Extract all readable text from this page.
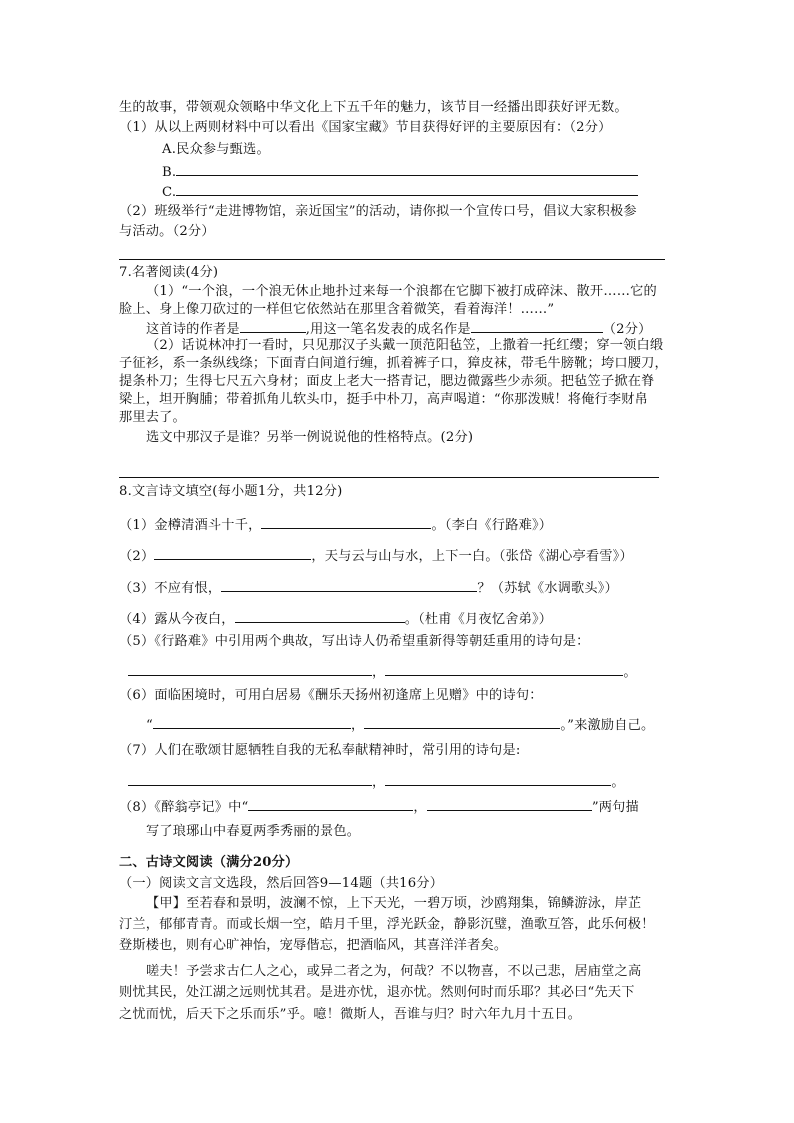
生的故事，带领观众领略中华文化上下五千年的魅力，该节目一经播出即获好评无数。
（1）从以上两则材料中可以看出《国家宝藏》节目获得好评的主要原因有：（2分）
A.民众参与甄选。
B.
C.
（2）班级举行“走进博物馆，亲近国宝”的活动，请你拟一个宣传口号，倡议大家积极参
与活动。（2分）
7.名著阅读(4分)
（1）“一个浪，一个浪无休止地扑过来每一个浪都在它脚下被打成碎沫、散开……它的
脸上、身上像刀砍过的一样但它依然站在那里含着微笑，看着海洋！……”
这首诗的作者是	,用这一笔名发表的成名作是	（2分）
（2）话说林冲打一看时，只见那汉子头戴一顶范阳毡笠，上撒着一托红缨；穿一领白缎
子征衫，系一条纵线绦；下面青白间道行缠，抓着裤子口，獐皮袜，带毛牛膀靴；垮口腰刀，
提条朴刀；生得七尺五六身材；面皮上老大一搭青记，腮边微露些少赤须。把毡笠子掀在脊
梁上，坦开胸脯；带着抓角儿软头巾，挺手中朴刀，高声喝道：“你那泼贼！将俺行李财帛
那里去了。
选文中那汉子是谁？另举一例说说他的性格特点。(2分)
8.文言诗文填空(每小题1分，共12分)
（1）金樽清酒斗十千，	。（李白《行路难》）
（2）	，天与云与山与水，上下一白。（张岱《湖心亭看雪》）
（3）不应有恨，	？（苏轼《水调歌头》）
（4）露从今夜白，	。（杜甫《月夜忆舍弟》）
（5）《行路难》中引用两个典故，写出诗人仍希望重新得等朝廷重用的诗句是：
，	。
（6）面临困境时，可用白居易《酬乐天扬州初逢席上见赠》中的诗句：
“	，	。”来激励自己。
（7）人们在歌颂甘愿牺牲自我的无私奉献精神时，常引用的诗句是:
，	。
（8）《醉翁亭记》中“	，	”两句描
写了琅琊山中春夏两季秀丽的景色。
二、古诗文阅读（满分20分）
（一）阅读文言文选段，然后回答9—14题（共16分）
【甲】至若春和景明，波澜不惊，上下天光，一碧万顷，沙鸥翔集，锦鳞游泳，岸芷
汀兰，郁郁青青。而或长烟一空，皓月千里，浮光跃金，静影沉璧，渔歌互答，此乐何极！
登斯楼也，则有心旷神怡，宠辱偕忘，把酒临风，其喜洋洋者矣。
嗟夫！予尝求古仁人之心，或异二者之为，何哉？不以物喜，不以己悲，居庙堂之高
则忧其民，处江湖之远则忧其君。是进亦忧，退亦忧。然则何时而乐耶？其必曰“先天下
之忧而忧，后天下之乐而乐”乎。噫！微斯人，吾谁与归？时六年九月十五日。
